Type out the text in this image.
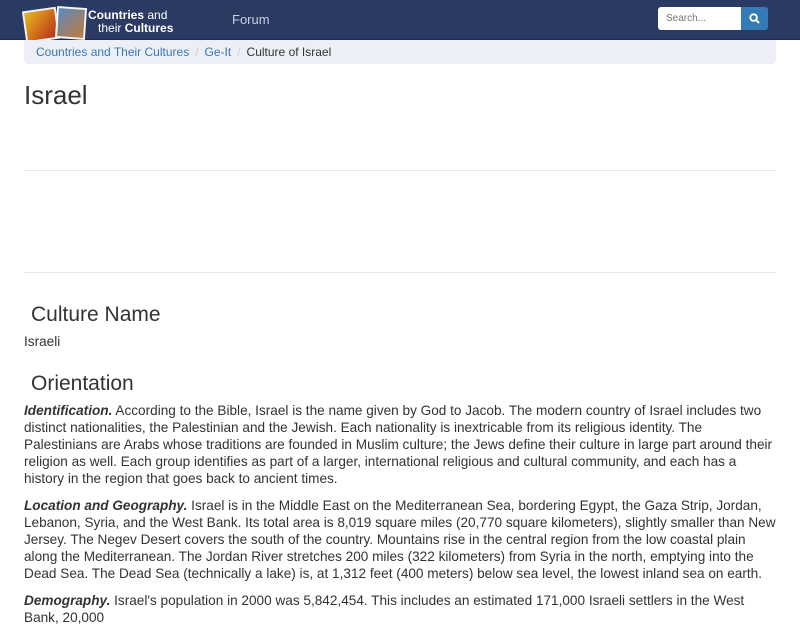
Countries and
their Cultures
Forum
Search...
Countries and Their Cultures / Ge-It / Culture of Israel
Israel
Culture Name

Israeli

Orientation

Identification. According to the Bible, Israel is the name given by God to Jacob. The modern country of Israel includes two distinct nationalities, the Palestinian and the Jewish. Each nationality is inextricable from its religious identity. The Palestinians are Arabs whose traditions are founded in Muslim culture; the Jews define their culture in large part around their religion as well. Each group identifies as part of a larger, international religious and cultural community, and each has a history in the region that goes back to ancient times.

Location and Geography. Israel is in the Middle East on the Mediterranean Sea, bordering Egypt, the Gaza Strip, Jordan, Lebanon, Syria, and the West Bank. Its total area is 8,019 square miles (20,770 square kilometers), slightly smaller than New Jersey. The Negev Desert covers the south of the country. Mountains rise in the central region from the low coastal plain along the Mediterranean. The Jordan River stretches 200 miles (322 kilometers) from Syria in the north, emptying into the Dead Sea. The Dead Sea (technically a lake) is, at 1,312 feet (400 meters) below sea level, the lowest inland sea on earth.

Demography. Israel's population in 2000 was 5,842,454. This includes an estimated 171,000 Israeli settlers in the West Bank, 20,000
